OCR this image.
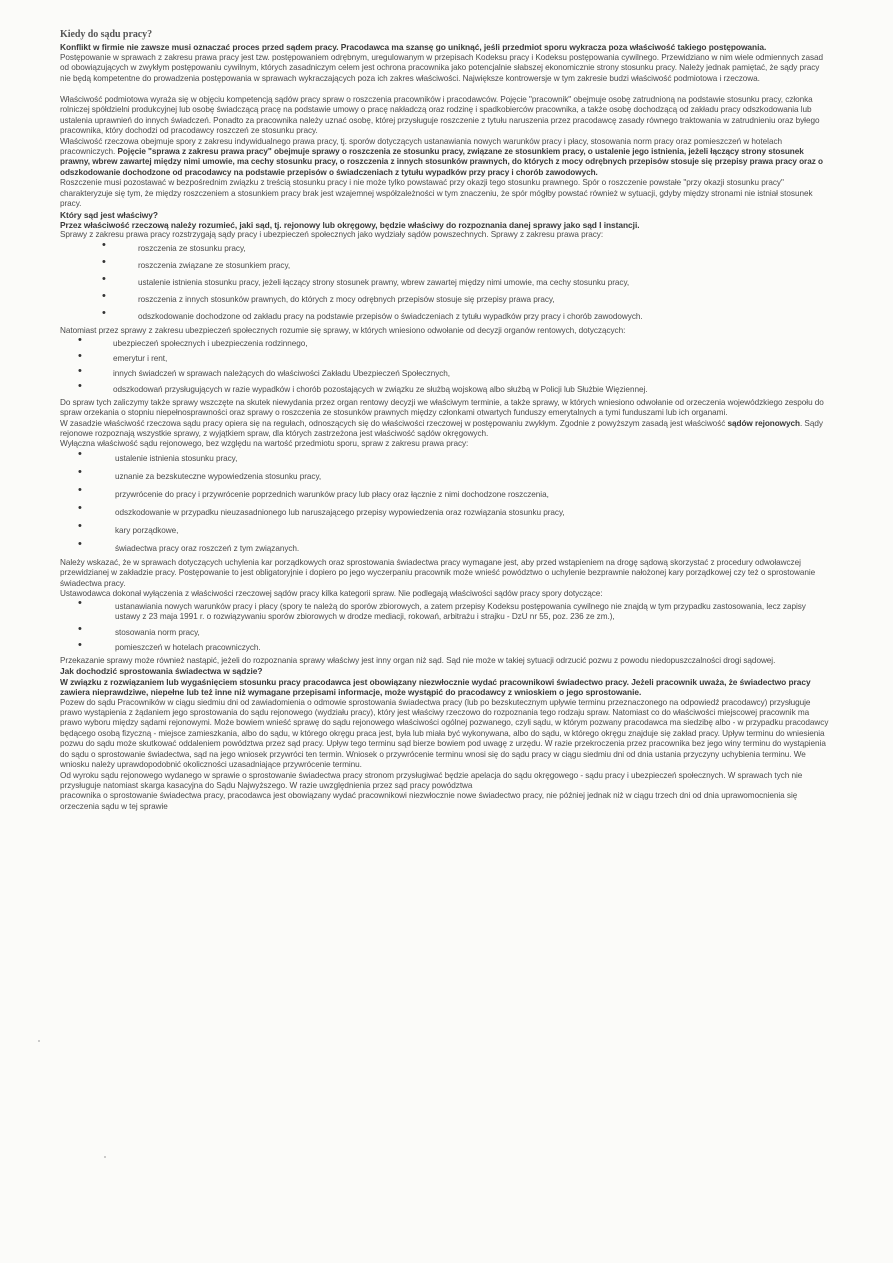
Kiedy do sądu pracy?

Konflikt w firmie nie zawsze musi oznaczać proces przed sądem pracy. Pracodawca ma szansę go uniknąć, jeśli przedmiot sporu wykracza poza właściwość takiego postępowania.

Postępowanie w sprawach z zakresu prawa pracy jest tzw. postępowaniem odrębnym, uregulowanym w przepisach Kodeksu pracy i Kodeksu postępowania cywilnego. Przewidziano w nim wiele odmiennych zasad od obowiązujących w zwykłym postępowaniu cywilnym, których zasadniczym celem jest ochrona pracownika jako potencjalnie słabszej ekonomicznie strony stosunku pracy. Należy jednak pamiętać, że sądy pracy nie będą kompetentne do prowadzenia postępowania w sprawach wykraczających poza ich zakres właściwości. Największe kontrowersje w tym zakresie budzi właściwość podmiotowa i rzeczowa.

Właściwość podmiotowa wyraża się w objęciu kompetencją sądów pracy spraw o roszczenia pracowników i pracodawców. Pojęcie "pracownik" obejmuje osobę zatrudnioną na podstawie stosunku pracy, członka rolniczej spółdzielni produkcyjnej lub osobę świadczącą pracę na podstawie umowy o pracę nakładczą oraz rodzinę i spadkobierców pracownika, a także osobę dochodzącą od zakładu pracy odszkodowania lub ustalenia uprawnień do innych świadczeń. Ponadto za pracownika należy uznać osobę, której przysługuje roszczenie z tytułu naruszenia przez pracodawcę zasady równego traktowania w zatrudnieniu oraz byłego pracownika, który dochodzi od pracodawcy roszczeń ze stosunku pracy.

Właściwość rzeczowa obejmuje spory z zakresu indywidualnego prawa pracy, tj. sporów dotyczących ustanawiania nowych warunków pracy i płacy, stosowania norm pracy oraz pomieszczeń w hotelach pracowniczych. Pojęcie "sprawa z zakresu prawa pracy" obejmuje sprawy o roszczenia ze stosunku pracy, związane ze stosunkiem pracy, o ustalenie jego istnienia, jeżeli łączący strony stosunek prawny, wbrew zawartej między nimi umowie, ma cechy stosunku pracy, o roszczenia z innych stosunków prawnych, do których z mocy odrębnych przepisów stosuje się przepisy prawa pracy oraz o odszkodowanie dochodzone od pracodawcy na podstawie przepisów o świadczeniach z tytułu wypadków przy pracy i chorób zawodowych.

Roszczenie musi pozostawać w bezpośrednim związku z treścią stosunku pracy i nie może tylko powstawać przy okazji tego stosunku prawnego. Spór o roszczenie powstałe "przy okazji stosunku pracy" charakteryzuje się tym, że między roszczeniem a stosunkiem pracy brak jest wzajemnej współzależności w tym znaczeniu, że spór mógłby powstać również w sytuacji, gdyby między stronami nie istniał stosunek pracy.

Który sąd jest właściwy?

Przez właściwość rzeczową należy rozumieć, jaki sąd, tj. rejonowy lub okręgowy, będzie właściwy do rozpoznania danej sprawy jako sąd I instancji.

Sprawy z zakresu prawa pracy rozstrzygają sądy pracy i ubezpieczeń społecznych jako wydziały sądów powszechnych. Sprawy z zakresu prawa pracy:

• roszczenia ze stosunku pracy,
• roszczenia związane ze stosunkiem pracy,
• ustalenie istnienia stosunku pracy, jeżeli łączący strony stosunek prawny, wbrew zawartej między nimi umowie, ma cechy stosunku pracy,
• roszczenia z innych stosunków prawnych, do których z mocy odrębnych przepisów stosuje się przepisy prawa pracy,
• odszkodowanie dochodzone od zakładu pracy na podstawie przepisów o świadczeniach z tytułu wypadków przy pracy i chorób zawodowych.

Natomiast przez sprawy z zakresu ubezpieczeń społecznych rozumie się sprawy, w których wniesiono odwołanie od decyzji organów rentowych, dotyczących:

• ubezpieczeń społecznych i ubezpieczenia rodzinnego,
• emerytur i rent,
• innych świadczeń w sprawach należących do właściwości Zakładu Ubezpieczeń Społecznych,
• odszkodowań przysługujących w razie wypadków i chorób pozostających w związku ze służbą wojskową albo służbą w Policji lub Służbie Więziennej.

Do spraw tych zaliczymy także sprawy wszczęte na skutek niewydania przez organ rentowy decyzji we właściwym terminie, a także sprawy, w których wniesiono odwołanie od orzeczenia wojewódzkiego zespołu do spraw orzekania o stopniu niepełnosprawności oraz sprawy o roszczenia ze stosunków prawnych między członkami otwartych funduszy emerytalnych a tymi funduszami lub ich organami.

W zasadzie właściwość rzeczowa sądu pracy opiera się na regułach, odnoszących się do właściwości rzeczowej w postępowaniu zwykłym. Zgodnie z powyższym zasadą jest właściwość sądów rejonowych. Sądy rejonowe rozpoznają wszystkie sprawy, z wyjątkiem spraw, dla których zastrzeżona jest właściwość sądów okręgowych.

Wyłączna właściwość sądu rejonowego, bez względu na wartość przedmiotu sporu, spraw z zakresu prawa pracy:

• ustalenie istnienia stosunku pracy,
• uznanie za bezskuteczne wypowiedzenia stosunku pracy,
• przywrócenie do pracy i przywrócenie poprzednich warunków pracy lub płacy oraz łącznie z nimi dochodzone roszczenia,
• odszkodowanie w przypadku nieuzasadnionego lub naruszającego przepisy wypowiedzenia oraz rozwiązania stosunku pracy,
• kary porządkowe,
• świadectwa pracy oraz roszczeń z tym związanych.

Należy wskazać, że w sprawach dotyczących uchylenia kar porządkowych oraz sprostowania świadectwa pracy wymagane jest, aby przed wstąpieniem na drogę sądową skorzystać z procedury odwoławczej przewidzianej w zakładzie pracy. Postępowanie to jest obligatoryjnie i dopiero po jego wyczerpaniu pracownik może wnieść powództwo o uchylenie bezprawnie nałożonej kary porządkowej czy też o sprostowanie świadectwa pracy.

Ustawodawca dokonał wyłączenia z właściwości rzeczowej sądów pracy kilka kategorii spraw. Nie podlegają właściwości sądów pracy spory dotyczące:

• ustanawiania nowych warunków pracy i płacy (spory te należą do sporów zbiorowych, a zatem przepisy Kodeksu postępowania cywilnego nie znajdą w tym przypadku zastosowania, lecz zapisy ustawy z 23 maja 1991 r. o rozwiązywaniu sporów zbiorowych w drodze mediacji, rokowań, arbitrażu i strajku - DzU nr 55, poz. 236 ze zm.),
• stosowania norm pracy,
• pomieszczeń w hotelach pracowniczych.

Przekazanie sprawy może również nastąpić, jeżeli do rozpoznania sprawy właściwy jest inny organ niż sąd. Sąd nie może w takiej sytuacji odrzucić pozwu z powodu niedopuszczalności drogi sądowej.

Jak dochodzić sprostowania świadectwa w sądzie?

W związku z rozwiązaniem lub wygaśnięciem stosunku pracy pracodawca jest obowiązany niezwłocznie wydać pracownikowi świadectwo pracy. Jeżeli pracownik uważa, że świadectwo pracy zawiera nieprawdziwe, niepełne lub też inne niż wymagane przepisami informacje, może wystąpić do pracodawcy z wnioskiem o jego sprostowanie.

Pozew do sądu Pracowników w ciągu siedmiu dni od zawiadomienia o odmowie sprostowania świadectwa pracy (lub po bezskutecznym upływie terminu przeznaczonego na odpowiedź pracodawcy) przysługuje prawo wystąpienia z żądaniem jego sprostowania do sądu rejonowego (wydziału pracy), który jest właściwy rzeczowo do rozpoznania tego rodzaju spraw. Natomiast co do właściwości miejscowej pracownik ma prawo wyboru między sądami rejonowymi. Może bowiem wnieść sprawę do sądu rejonowego właściwości ogólnej pozwanego, czyli sądu, w którym pozwany pracodawca ma siedzibę albo - w przypadku pracodawcy będącego osobą fizyczną - miejsce zamieszkania, albo do sądu, w którego okręgu praca jest, była lub miała być wykonywana, albo do sądu, w którego okręgu znajduje się zakład pracy. Upływ terminu do wniesienia pozwu do sądu może skutkować oddaleniem powództwa przez sąd pracy. Upływ tego terminu sąd bierze bowiem pod uwagę z urzędu. W razie przekroczenia przez pracownika bez jego winy terminu do wystąpienia do sądu o sprostowanie świadectwa, sąd na jego wniosek przywróci ten termin. Wniosek o przywrócenie terminu wnosi się do sądu pracy w ciągu siedmiu dni od dnia ustania przyczyny uchybienia terminu. We wniosku należy uprawdopodobnić okoliczności uzasadniające przywrócenie terminu.

Od wyroku sądu rejonowego wydanego w sprawie o sprostowanie świadectwa pracy stronom przysługiwać będzie apelacja do sądu okręgowego - sądu pracy i ubezpieczeń społecznych. W sprawach tych nie przysługuje natomiast skarga kasacyjna do Sądu Najwyższego. W razie uwzględnienia przez sąd pracy powództwa

pracownika o sprostowanie świadectwa pracy, pracodawca jest obowiązany wydać pracownikowi niezwłocznie nowe świadectwo pracy, nie później jednak niż w ciągu trzech dni od dnia uprawomocnienia się orzeczenia sądu w tej sprawie
